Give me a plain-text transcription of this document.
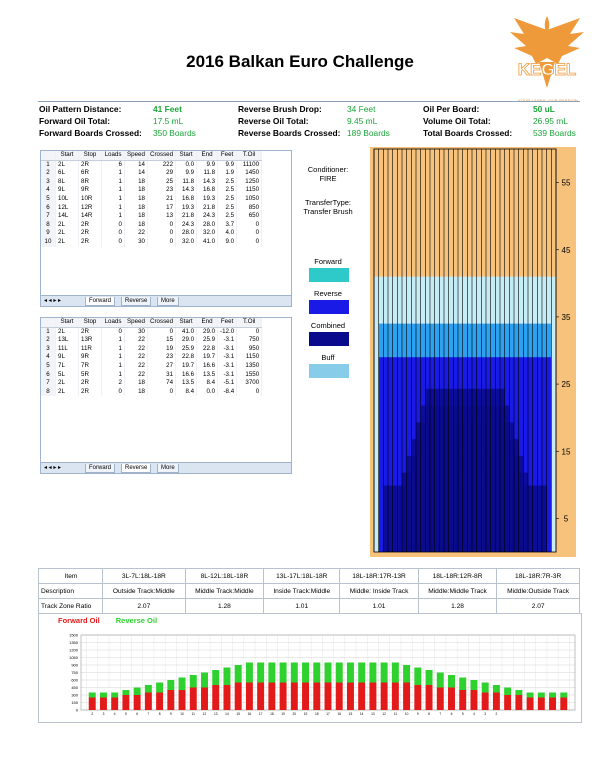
2016 Balkan Euro Challenge	KEGEL
Oil Pattern Distance:	41 Feet	Reverse Brush Drop:	34 Feet	Oil Per Board:	50 uL
Forward Oil Total:	17.5 mL	Reverse Oil Total:	9.45 mL	Volume Oil Total:	26.95 mL
Forward Boards Crossed: 350 Boards	Reverse Boards Crossed: 189 Boards	Total Boards Crossed: 539 Boards
	Start	Stop	Loads	Speed	Crossed	Start	End	Feet	T.Oil
1	2L	2R	6	14	222	0.0	9.9	9.9	11100
2	6L	6R	1	14	29	9.9	11.8	1.9	1450
3	8L	8R	1	18	25	11.8	14.3	2.5	1250
4	9L	9R	1	18	23	14.3	16.8	2.5	1150
5	10L	10R	1	18	21	16.8	19.3	2.5	1050
6	12L	12R	1	18	17	19.3	21.8	2.5	850
7	14L	14R	1	18	13	21.8	24.3	2.5	650
8	2L	2R	0	18	0	24.3	28.0	3.7	0
9	2L	2R	0	22	0	28.0	32.0	4.0	0
10	2L	2R	0	30	0	32.0	41.0	9.0	0
◂ ◂ ▸ ▸	Forward	Reverse	More
	Start	Stop	Loads	Speed	Crossed	Start	End	Feet	T.Oil
1	2L	2R	0	30	0	41.0	29.0	-12.0	0
2	13L	13R	1	22	15	29.0	25.9	-3.1	750
3	11L	11R	1	22	19	25.9	22.8	-3.1	950
4	9L	9R	1	22	23	22.8	19.7	-3.1	1150
5	7L	7R	1	22	27	19.7	16.6	-3.1	1350
6	5L	5R	1	22	31	16.6	13.5	-3.1	1550
7	2L	2R	2	18	74	13.5	8.4	-5.1	3700
8	2L	2R	0	18	0	8.4	0.0	-8.4	0
◂ ◂ ▸ ▸	Forward	Reverse	More
Conditioner:
FIRE
TransferType:
Transfer Brush
Forward
Reverse
Combined
Buff
55
45
35
25
15
5
Item	3L-7L:18L-18R	8L-12L:18L-18R	13L-17L:18L-18R	18L-18R:17R-13R	18L-18R:12R-8R	18L-18R:7R-3R
Description	Outside Track:Middle	Middle Track:Middle	Inside Track:Middle	Middle: Inside Track	Middle:Middle Track	Middle:Outside Track
Track Zone Ratio	2.07	1.28	1.01	1.01	1.28	2.07
0
150
300
450
600
750
900
1050
1200
1350
1500
2	3	4	5	6	7	8	9	10 11 12 13 14 15 16 17 18 19 20 19 18 17 16 15 14 13 12 11 10	9	8	7	6	5	4	3	2
Forward Oil Reverse Oil
